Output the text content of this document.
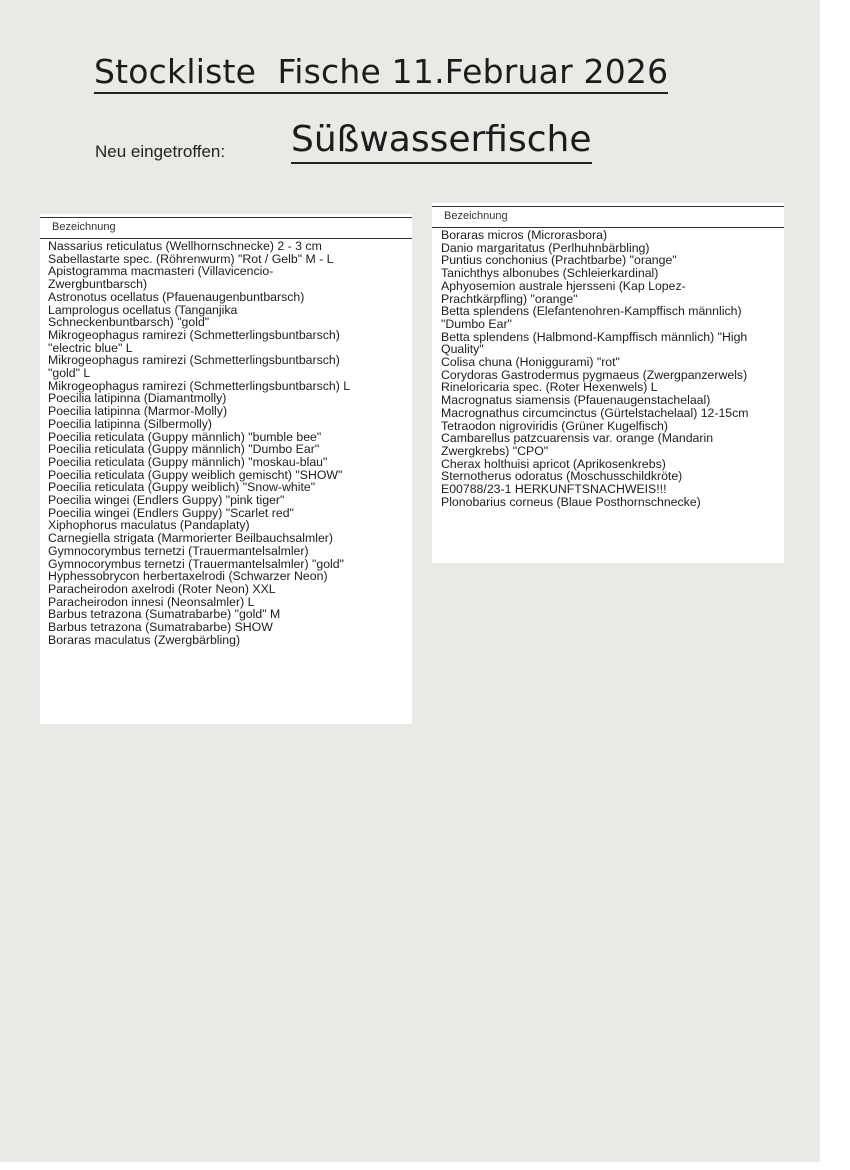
Stockliste  Fische 11.Februar 2026
Neu eingetroffen: Süßwasserfische
Bezeichnung
Nassarius reticulatus (Wellhornschnecke) 2 - 3 cm
Sabellastarte spec. (Röhrenwurm) "Rot / Gelb" M - L
Apistogramma macmasteri (Villavicencio-
Zwergbuntbarsch)
Astronotus ocellatus (Pfauenaugenbuntbarsch)
Lamprologus ocellatus (Tanganjika
Schneckenbuntbarsch) "gold"
Mikrogeophagus ramirezi (Schmetterlingsbuntbarsch)
"electric blue" L
Mikrogeophagus ramirezi (Schmetterlingsbuntbarsch)
"gold" L
Mikrogeophagus ramirezi (Schmetterlingsbuntbarsch) L
Poecilia latipinna (Diamantmolly)
Poecilia latipinna (Marmor-Molly)
Poecilia latipinna (Silbermolly)
Poecilia reticulata (Guppy männlich) "bumble bee"
Poecilia reticulata (Guppy männlich) "Dumbo Ear"
Poecilia reticulata (Guppy männlich) "moskau-blau"
Poecilia reticulata (Guppy weiblich gemischt) "SHOW"
Poecilia reticulata (Guppy weiblich) "Snow-white"
Poecilia wingei (Endlers Guppy) "pink tiger"
Poecilia wingei (Endlers Guppy) "Scarlet red"
Xiphophorus maculatus (Pandaplaty)
Carnegiella strigata (Marmorierter Beilbauchsalmler)
Gymnocorymbus ternetzi (Trauermantelsalmler)
Gymnocorymbus ternetzi (Trauermantelsalmler) "gold"
Hyphessobrycon herbertaxelrodi (Schwarzer Neon)
Paracheirodon axelrodi (Roter Neon) XXL
Paracheirodon innesi (Neonsalmler) L
Barbus tetrazona (Sumatrabarbe) "gold" M
Barbus tetrazona (Sumatrabarbe) SHOW
Boraras maculatus (Zwergbärbling)
Bezeichnung
Boraras micros (Microrasbora)
Danio margaritatus (Perlhuhnbärbling)
Puntius conchonius (Prachtbarbe) "orange"
Tanichthys albonubes (Schleierkardinal)
Aphyosemion australe hjersseni (Kap Lopez-
Prachtkärpfling) "orange"
Betta splendens (Elefantenohren-Kampffisch männlich)
"Dumbo Ear"
Betta splendens (Halbmond-Kampffisch männlich) "High
Quality"
Colisa chuna (Honiggurami) "rot"
Corydoras Gastrodermus pygmaeus (Zwergpanzerwels)
Rineloricaria spec. (Roter Hexenwels) L
Macrognatus siamensis (Pfauenaugenstachelaal)
Macrognathus circumcinctus (Gürtelstachelaal) 12-15cm
Tetraodon nigroviridis (Grüner Kugelfisch)
Cambarellus patzcuarensis var. orange (Mandarin
Zwergkrebs) "CPO"
Cherax holthuisi apricot (Aprikosenkrebs)
Sternotherus odoratus (Moschusschildkröte)
E00788/23-1 HERKUNFTSNACHWEIS!!!
Plonobarius corneus (Blaue Posthornschnecke)
